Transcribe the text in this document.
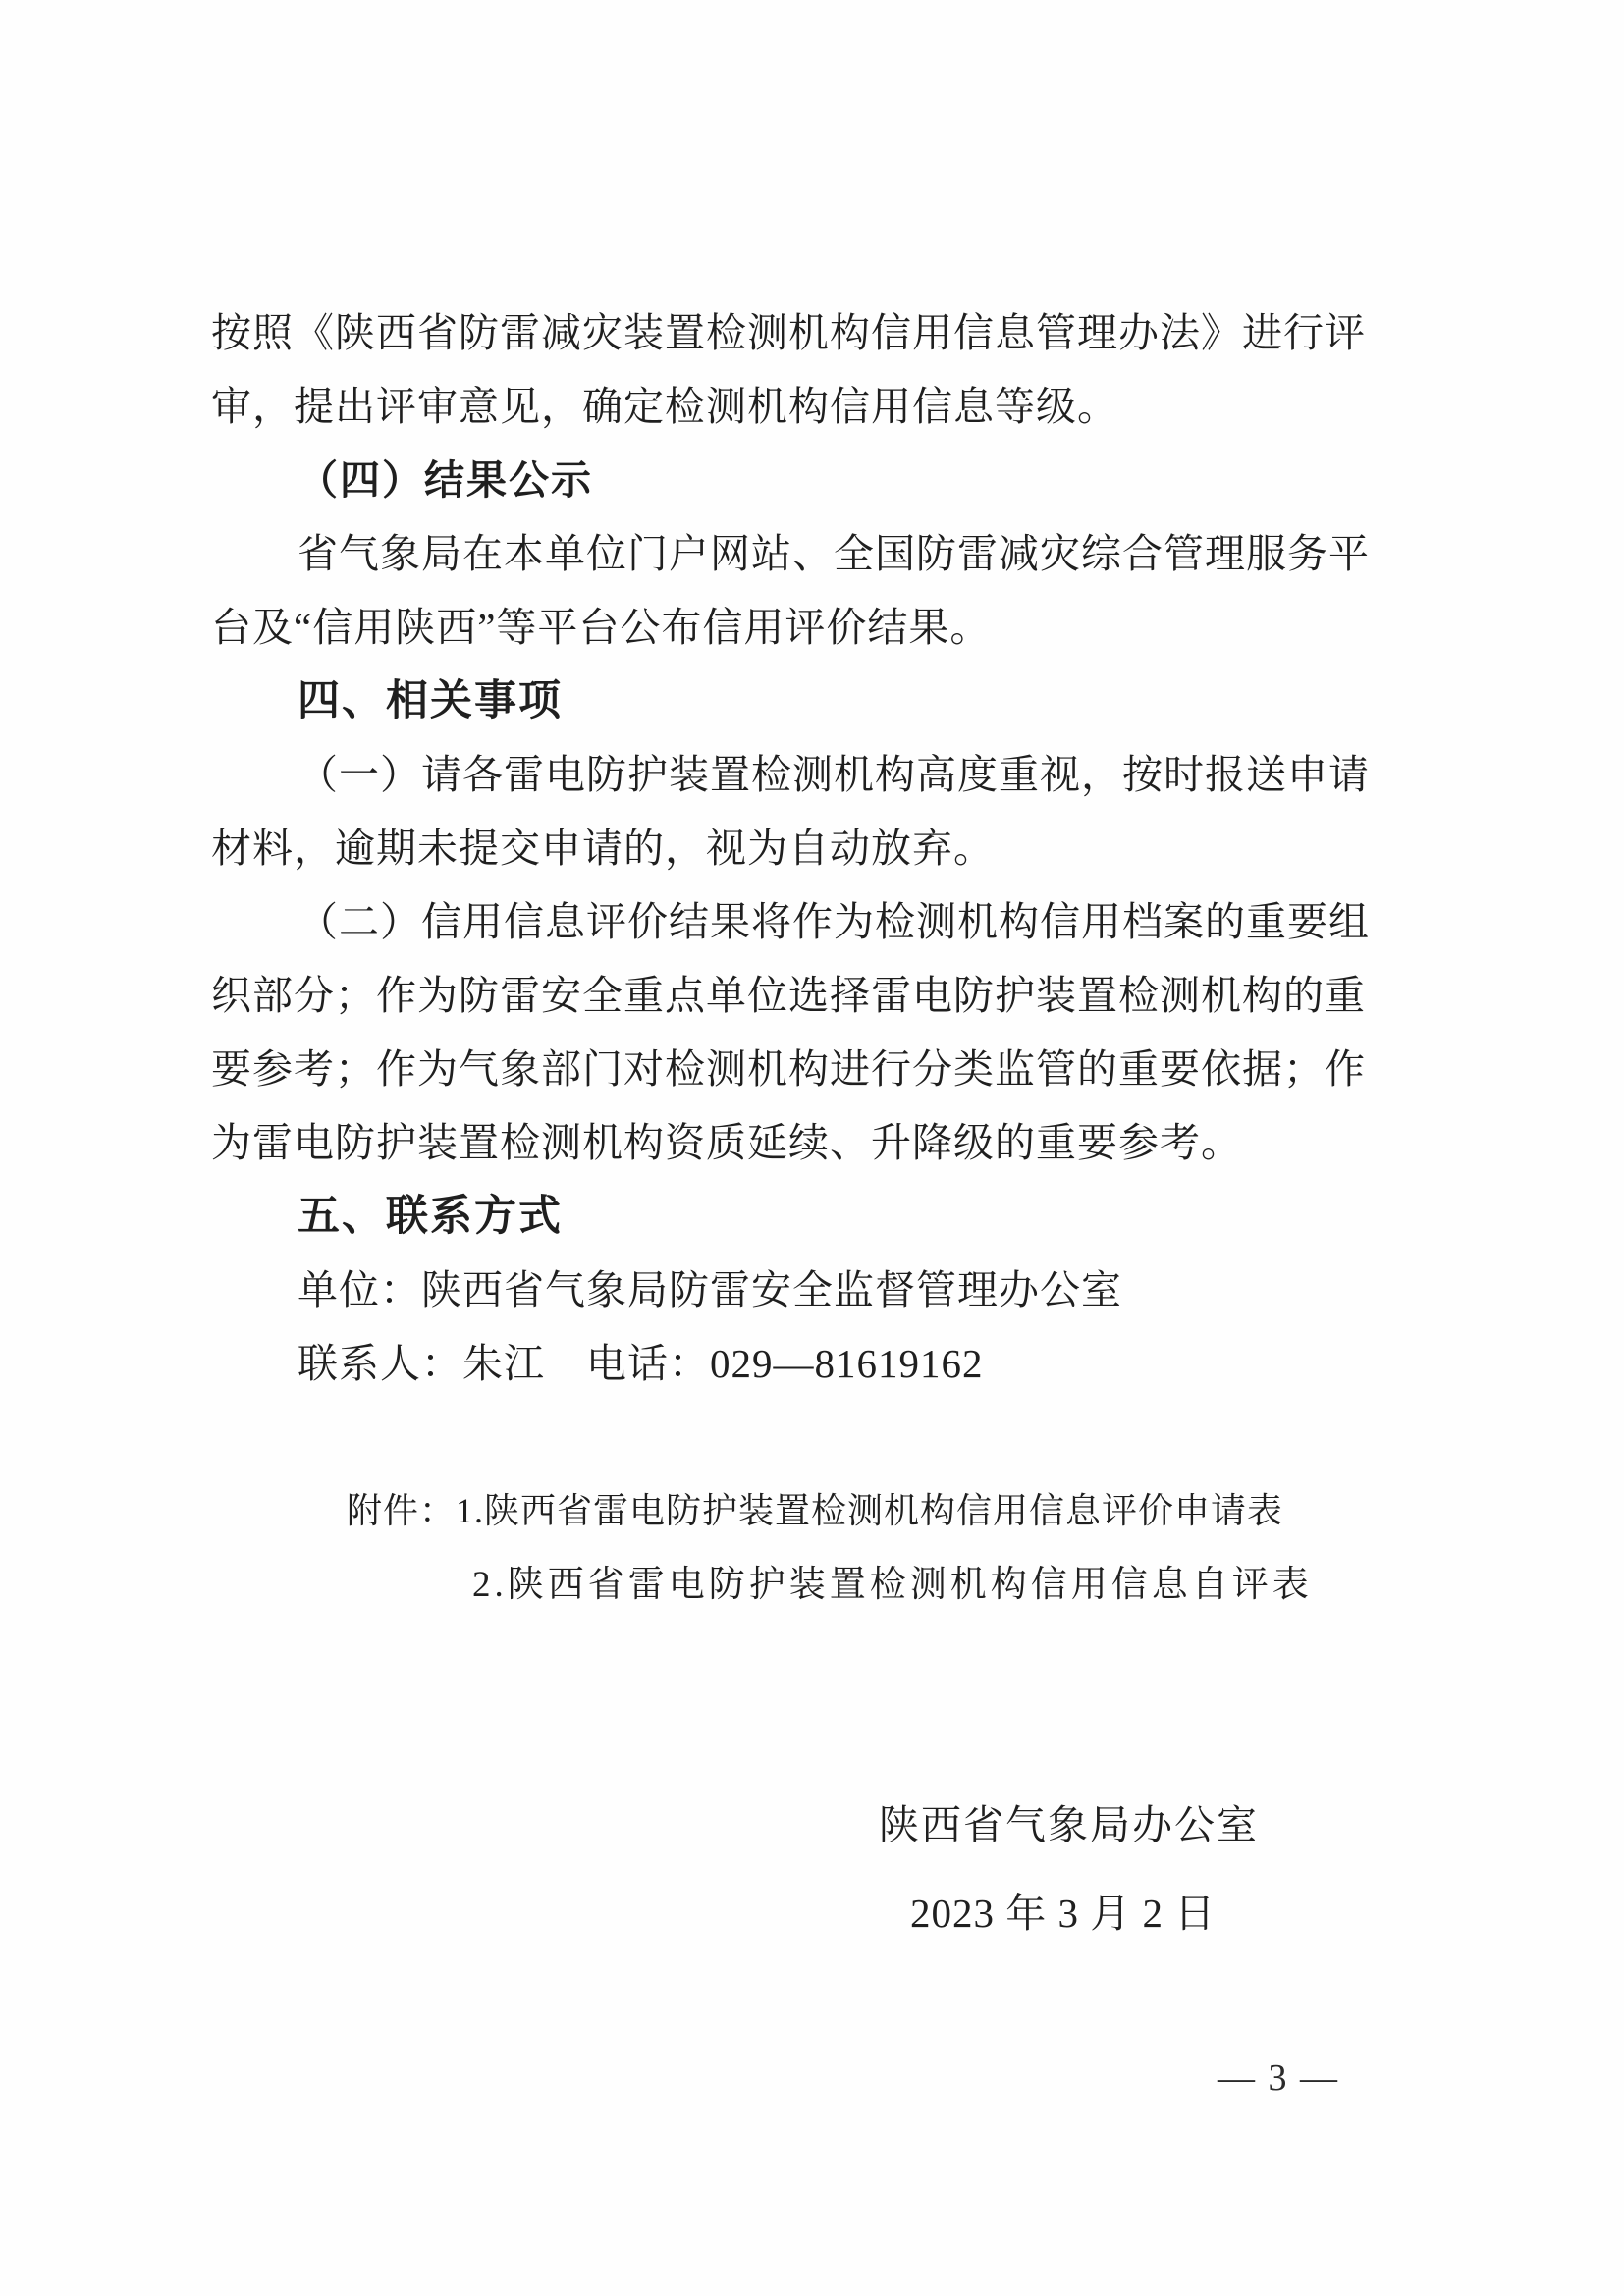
按照《陕西省防雷减灾装置检测机构信用信息管理办法》进行评
审，提出评审意见，确定检测机构信用信息等级。
（四）结果公示
省气象局在本单位门户网站、全国防雷减灾综合管理服务平
台及“信用陕西”等平台公布信用评价结果。
四、相关事项
（一）请各雷电防护装置检测机构高度重视，按时报送申请
材料，逾期未提交申请的，视为自动放弃。
（二）信用信息评价结果将作为检测机构信用档案的重要组
织部分；作为防雷安全重点单位选择雷电防护装置检测机构的重
要参考；作为气象部门对检测机构进行分类监管的重要依据；作
为雷电防护装置检测机构资质延续、升降级的重要参考。
五、联系方式
单位：陕西省气象局防雷安全监督管理办公室
联系人：朱江　电话：029—81619162
附件：1.陕西省雷电防护装置检测机构信用信息评价申请表
2.陕西省雷电防护装置检测机构信用信息自评表
陕西省气象局办公室
2023 年 3 月 2 日
— 3 —
